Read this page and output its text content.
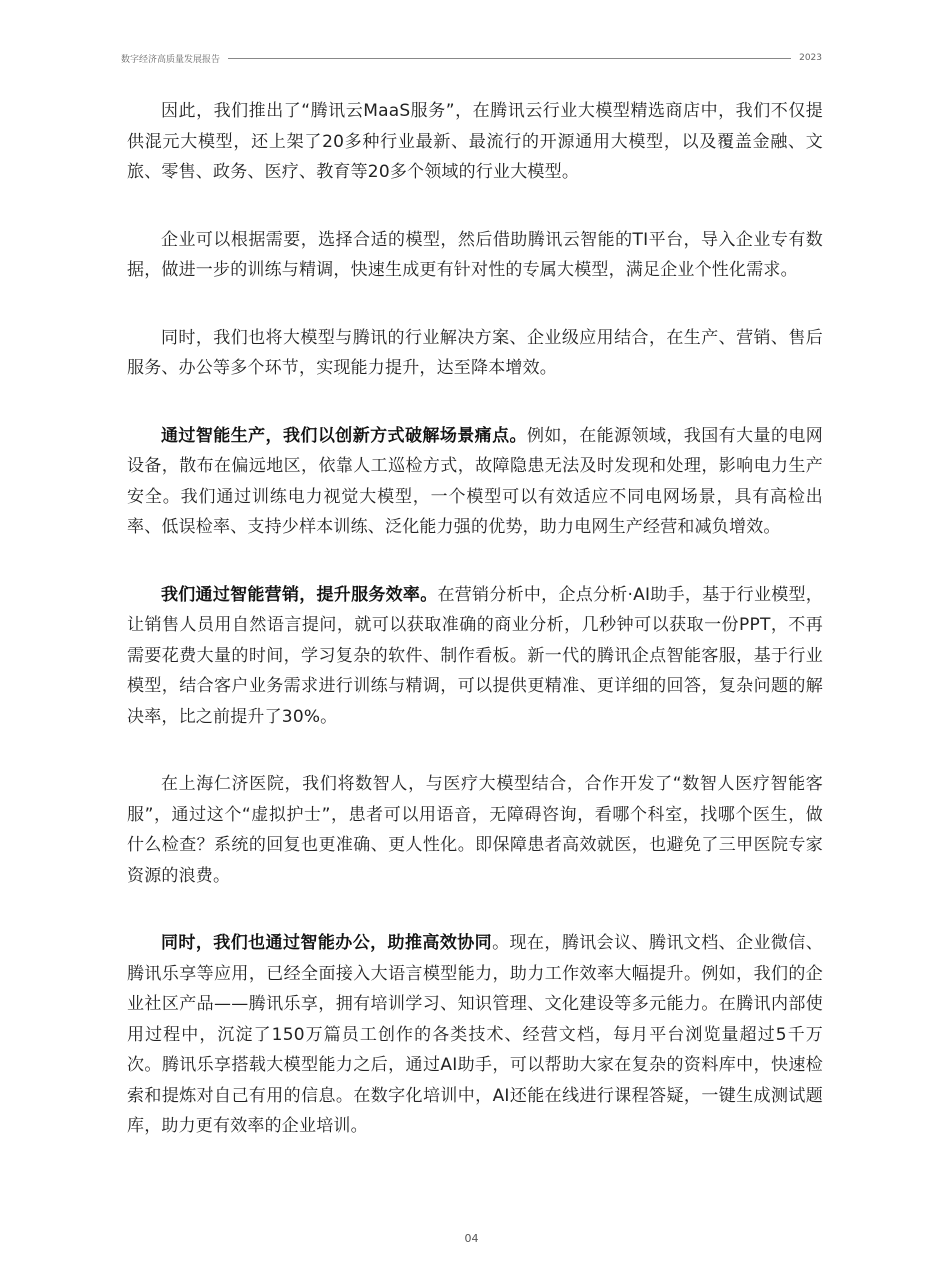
数字经济高质量发展报告	2023

因此，我们推出了“腾讯云MaaS服务”，在腾讯云行业大模型精选商店中，我们不仅提供混元大模型，还上架了20多种行业最新、最流行的开源通用大模型，以及覆盖金融、文旅、零售、政务、医疗、教育等20多个领域的行业大模型。

企业可以根据需要，选择合适的模型，然后借助腾讯云智能的TI平台，导入企业专有数据，做进一步的训练与精调，快速生成更有针对性的专属大模型，满足企业个性化需求。

同时，我们也将大模型与腾讯的行业解决方案、企业级应用结合，在生产、营销、售后服务、办公等多个环节，实现能力提升，达至降本增效。

通过智能生产，我们以创新方式破解场景痛点。例如，在能源领域，我国有大量的电网设备，散布在偏远地区，依靠人工巡检方式，故障隐患无法及时发现和处理，影响电力生产安全。我们通过训练电力视觉大模型，一个模型可以有效适应不同电网场景，具有高检出率、低误检率、支持少样本训练、泛化能力强的优势，助力电网生产经营和减负增效。

我们通过智能营销，提升服务效率。在营销分析中，企点分析·AI助手，基于行业模型，让销售人员用自然语言提问，就可以获取准确的商业分析，几秒钟可以获取一份PPT，不再需要花费大量的时间，学习复杂的软件、制作看板。新一代的腾讯企点智能客服，基于行业模型，结合客户业务需求进行训练与精调，可以提供更精准、更详细的回答，复杂问题的解决率，比之前提升了30%。

在上海仁济医院，我们将数智人，与医疗大模型结合，合作开发了“数智人医疗智能客服”，通过这个“虚拟护士”，患者可以用语音，无障碍咨询，看哪个科室，找哪个医生，做什么检查？系统的回复也更准确、更人性化。即保障患者高效就医，也避免了三甲医院专家资源的浪费。

同时，我们也通过智能办公，助推高效协同。现在，腾讯会议、腾讯文档、企业微信、腾讯乐享等应用，已经全面接入大语言模型能力，助力工作效率大幅提升。例如，我们的企业社区产品——腾讯乐享，拥有培训学习、知识管理、文化建设等多元能力。在腾讯内部使用过程中，沉淀了150万篇员工创作的各类技术、经营文档，每月平台浏览量超过5千万次。腾讯乐享搭载大模型能力之后，通过AI助手，可以帮助大家在复杂的资料库中，快速检索和提炼对自己有用的信息。在数字化培训中，AI还能在线进行课程答疑，一键生成测试题库，助力更有效率的企业培训。

04
